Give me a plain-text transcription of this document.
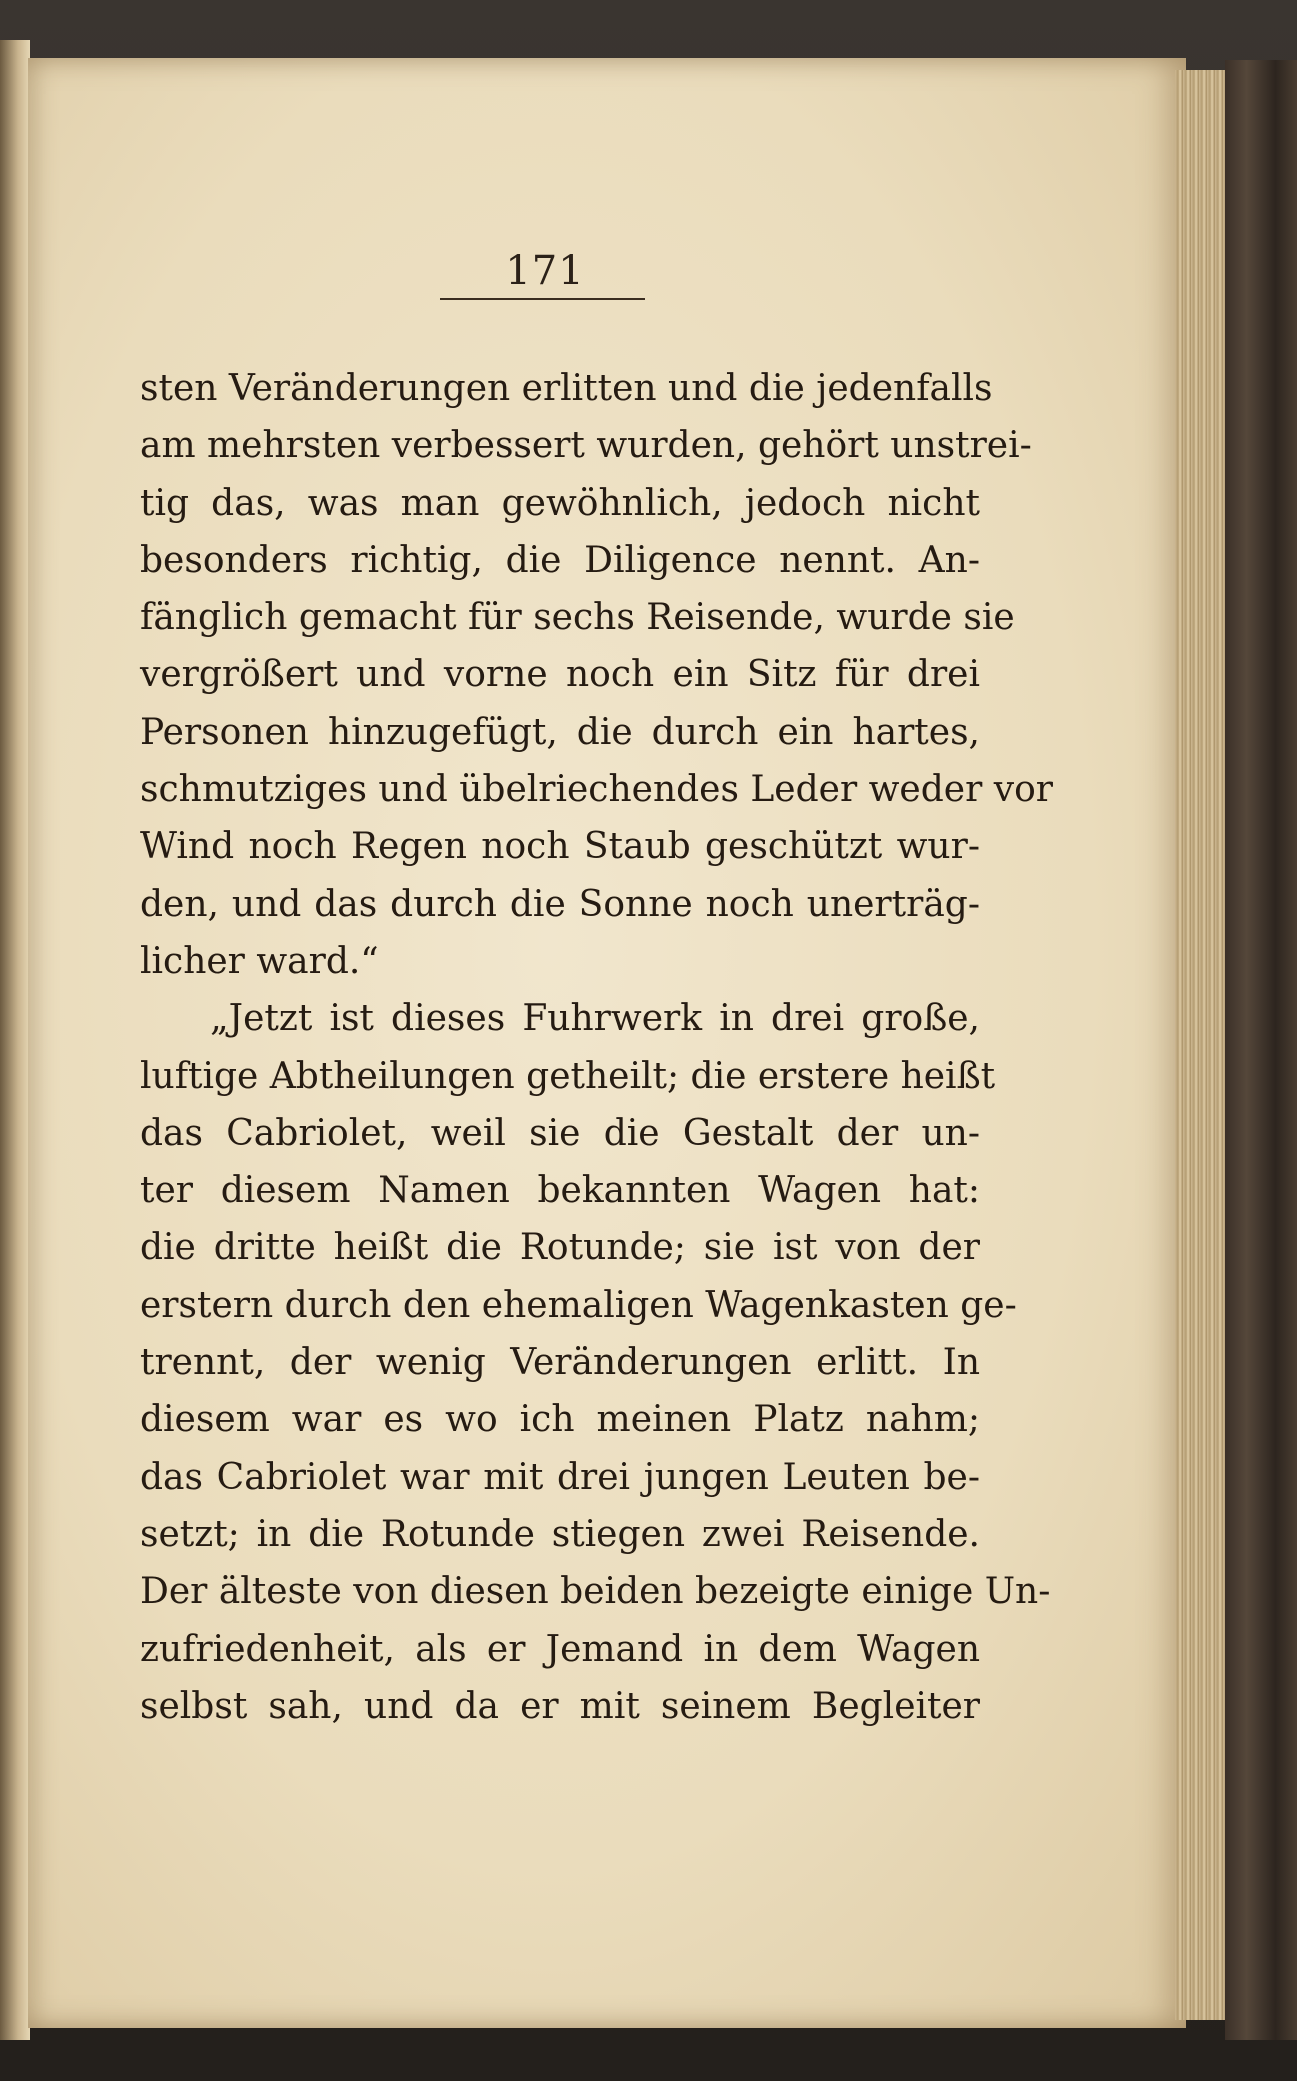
171
sten Veränderungen erlitten und die jedenfalls
am mehrsten verbessert wurden, gehört unstrei-
tig das, was man gewöhnlich, jedoch nicht
besonders richtig, die Diligence nennt. An-
fänglich gemacht für sechs Reisende, wurde sie
vergrößert und vorne noch ein Sitz für drei
Personen hinzugefügt, die durch ein hartes,
schmutziges und übelriechendes Leder weder vor
Wind noch Regen noch Staub geschützt wur-
den, und das durch die Sonne noch unerträg-
licher ward.“
„Jetzt ist dieses Fuhrwerk in drei große,
luftige Abtheilungen getheilt; die erstere heißt
das Cabriolet, weil sie die Gestalt der un-
ter diesem Namen bekannten Wagen hat:
die dritte heißt die Rotunde; sie ist von der
erstern durch den ehemaligen Wagenkasten ge-
trennt, der wenig Veränderungen erlitt. In
diesem war es wo ich meinen Platz nahm;
das Cabriolet war mit drei jungen Leuten be-
setzt; in die Rotunde stiegen zwei Reisende.
Der älteste von diesen beiden bezeigte einige Un-
zufriedenheit, als er Jemand in dem Wagen
selbst sah, und da er mit seinem Begleiter
